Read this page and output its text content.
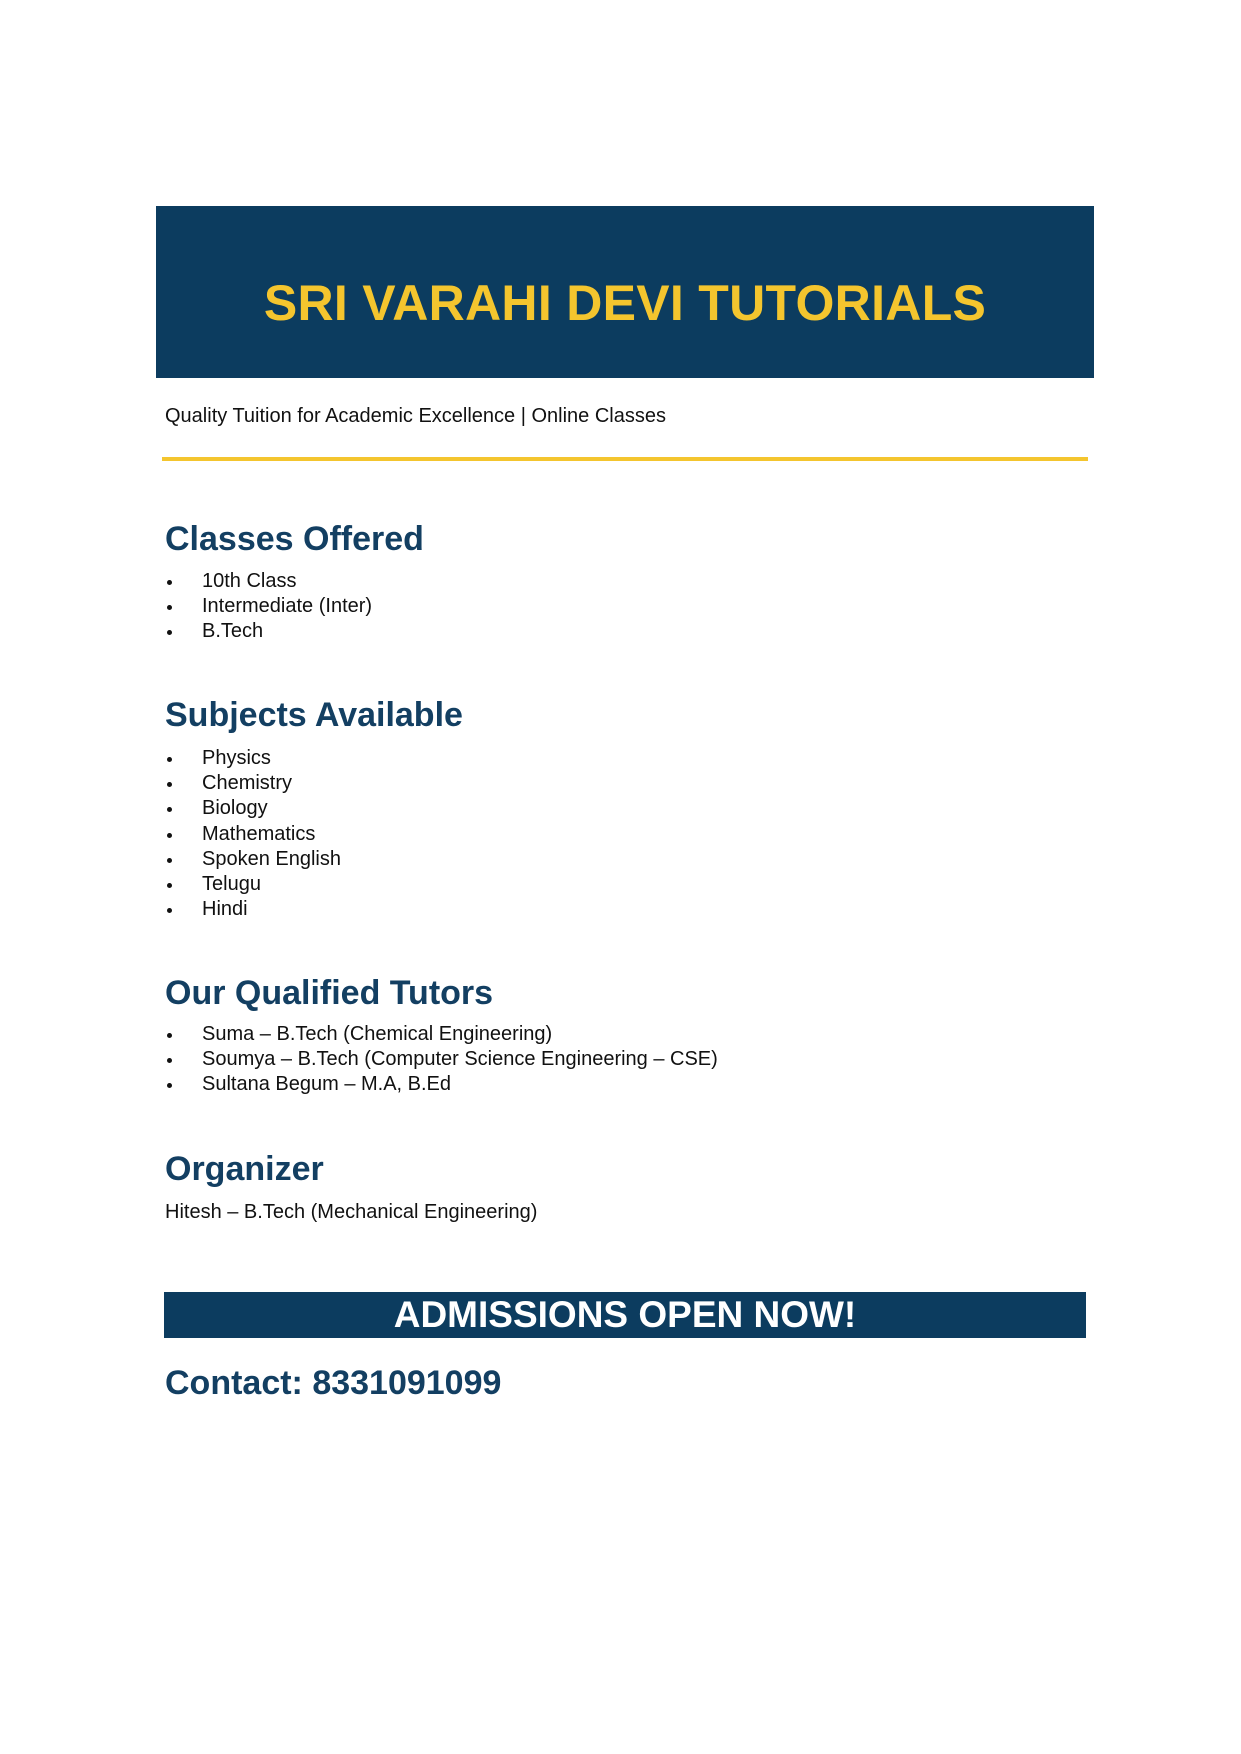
SRI VARAHI DEVI TUTORIALS
Quality Tuition for Academic Excellence | Online Classes
Classes Offered
10th Class
Intermediate (Inter)
B.Tech
Subjects Available
Physics
Chemistry
Biology
Mathematics
Spoken English
Telugu
Hindi
Our Qualified Tutors
Suma – B.Tech (Chemical Engineering)
Soumya – B.Tech (Computer Science Engineering – CSE)
Sultana Begum – M.A, B.Ed
Organizer
Hitesh – B.Tech (Mechanical Engineering)
ADMISSIONS OPEN NOW!
Contact: 8331091099
